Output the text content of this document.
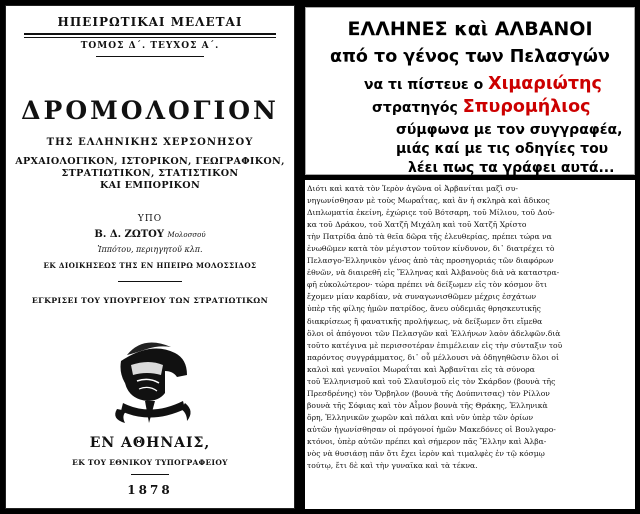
ΗΠΕΙΡΩΤΙΚΑΙ ΜΕΛΕΤΑΙ
ΤΟΜΟΣ Δ΄. ΤΕΥΧΟΣ Α΄.
ΔΡΟΜΟΛΟΓΙΟΝ
ΤΗΣ ΕΛΛΗΝΙΚΗΣ ΧΕΡΣΟΝΗΣΟΥ
ΑΡΧΑΙΟΛΟΓΙΚΟΝ, ΙΣΤΟΡΙΚΟΝ, ΓΕΩΓΡΑΦΙΚΟΝ,
ΣΤΡΑΤΙΩΤΙΚΟΝ, ΣΤΑΤΙΣΤΙΚΟΝ
ΚΑΙ ΕΜΠΟΡΙΚΟΝ
ΥΠΟ
Β. Δ. ΖΩΤΟΥ Μολοσσού
Ἱππότου, περιηγητοῦ κλπ.
ΕΚ ΔΙΟΙΚΗΣΕΩΣ ΤΗΣ ΕΝ ΗΠΕΙΡΩ ΜΟΛΟΣΣΙΔΟΣ
ΕΓΚΡΙΣΕΙ ΤΟΥ ΥΠΟΥΡΓΕΙΟΥ ΤΩΝ ΣΤΡΑΤΙΩΤΙΚΩΝ
ΕΝ ΑΘΗΝΑΙΣ,
ΕΚ ΤΟΥ ΕΘΝΙΚΟΥ ΤΥΠΟΓΡΑΦΕΙΟΥ
1878
ΕΛΛΗΝΕΣ καὶ ΑΛΒΑΝΟΙ
από το γένος των Πελασγών
να τι πίστευε ο Χιμαριώτης
στρατηγός Σπυρομήλιος
σύμφωνα με τον συγγραφέα,
μιάς καί με τις οδηγίες του
λέει πως τα γράφει αυτά...
Διότι καὶ κατὰ τὸν Ἱερὸν ἀγῶνα οἱ Ἀρβανίται μαζὶ συ-
νηγωνίσθησαν μὲ τοὺς Μωραΐτας, καὶ ἂν ἡ σκληρὰ καὶ ἄδικος
Διπλωματία ἐκείνη, ἐχώριςε τοῦ Βότσαρη, τοῦ Μίλιου, τοῦ Δού-
κα τοῦ Δράκου, τοῦ Χατζῆ Μιχάλη καὶ τοῦ Χατζῆ Χρίστο
τὴν Πατρίδα ἀπὸ τὰ θεῖα δῶρα τῆς ἐλευθερίας, πρέπει τώρα να
ἑνωθῶμεν κατὰ τὸν μέγιστον τοῦτον κίνδυνον, δι᾽ διατρέχει τὸ
Πελασγο-Ἑλληνικὸν γένος ἀπὸ τὰς προσηγοριάς τῶν διαφόρων
ἐθνῶν, νὰ διαιρεθῆ εἰς Ἕλληνας καὶ Ἀλβανοὺς διὰ νὰ καταστρα-
φῆ εὐκολώτερον· τώρα πρέπει νὰ δείξωμεν εἰς τὸν κόσμον ὅτι
ἔχομεν μίαν καρδίαν, νὰ συναγωνισθῶμεν μέχρις ἐσχάτων
ὑπὲρ τῆς φίλης ἡμῶν πατρίδος, ἄνευ οὐδεμιᾶς θρησκευτικῆς
διακρίσεως ἢ φανατικῆς προλήψεως, νὰ δείξωμεν ὅτι εἴμεθα
ὅλοι οἱ ἀπόγονοι τῶν Πελασγῶν καὶ Ἑλλήνων λαὸν ἀδελφῶν.διὰ
τοῦτο κατέγινα μὲ περισσοτέραν ἐπιμέλειαν εἰς τὴν σύνταξιν τοῦ
παρόντος συγγράμματος, δι᾽ οὗ μέλλουσι νὰ ὁδηγηθῶσιν ὅλοι οἱ
καλοὶ καὶ γενναῖοι Μωραΐται καὶ Ἀρβανῖται εἰς τὰ σύνορα
τοῦ Ἑλληνισμοῦ καὶ τοῦ Σλαυϊσμοῦ εἰς τὸν Σκάρδον (βουνὰ τῆς
Πρεσδρένης) τὸν Ὄρβηλον (βουνὰ τῆς Δούπνιτσας) τὸν Ρίλλον
βουνὰ τῆς Σόφιας καὶ τὸν Αἷμον βουνὰ τῆς Θράκης, Ἑλληνικὰ
ὄρη, Ἑλληνικῶν χωρῶν καὶ πάλαι καὶ νῦν ὑπὲρ τῶν ὁρίων
αὐτῶν ἠγωνίσθησαν οἱ πρόγονοί ἡμῶν Μακεδόνες οἱ Βουλγαρο-
κτόνοι, ὑπὲρ αὐτῶν πρέπει καὶ σήμερον πᾶς Ἕλλην καὶ Ἀλβα-
νὸς νὰ θυσιάσῃ πᾶν ὅτι ἔχει ἱερὸν καὶ τιμαλφὲς ἐν τῷ κόσμῳ
τούτῳ, ἔτι δὲ καὶ τὴν γυναῖκα καὶ τὰ τέκνα.
